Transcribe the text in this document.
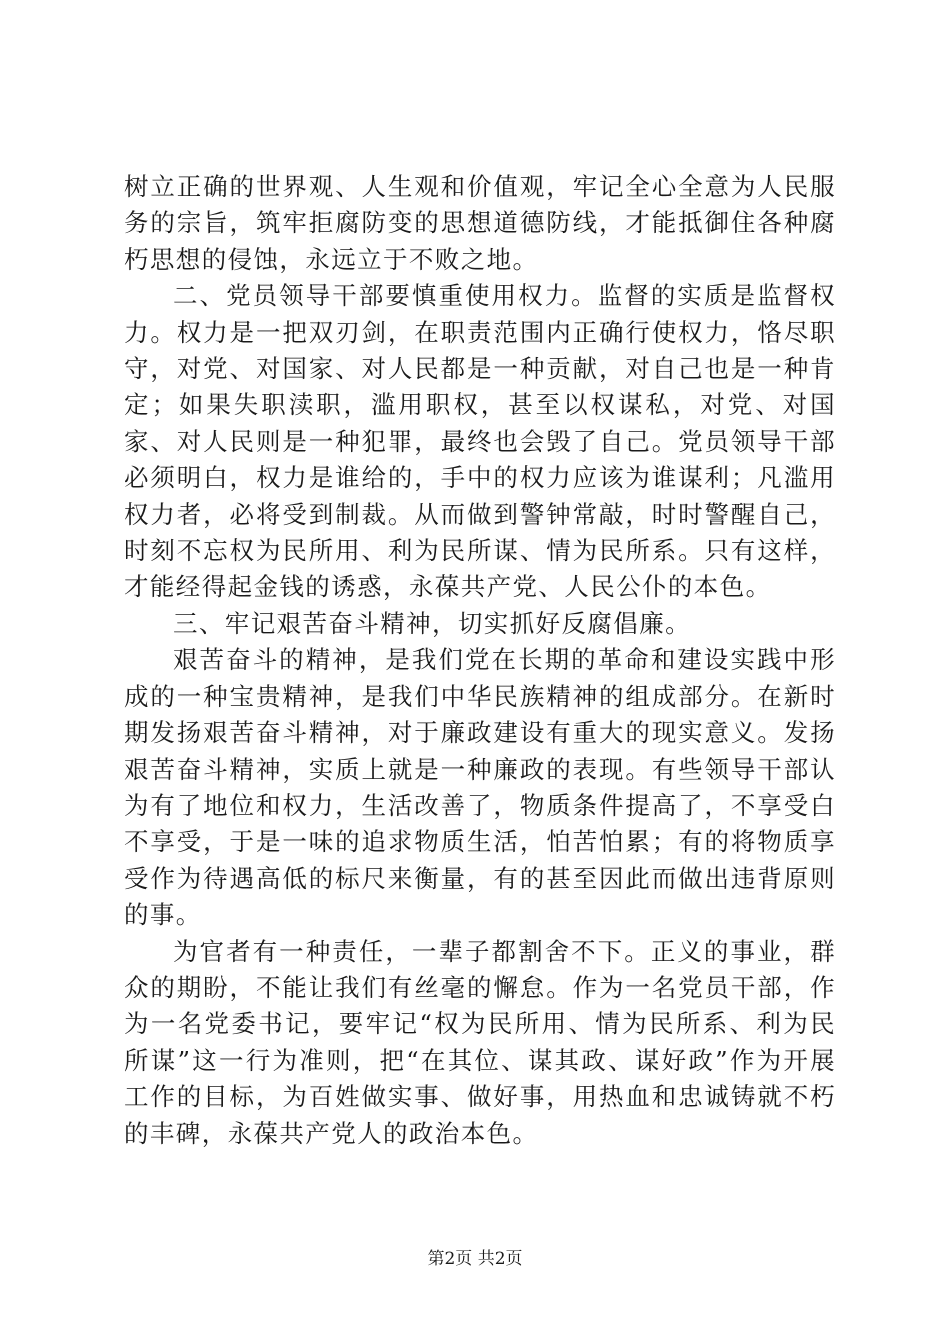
树立正确的世界观、人生观和价值观，牢记全心全意为人民服务的宗旨，筑牢拒腐防变的思想道德防线，才能抵御住各种腐朽思想的侵蚀，永远立于不败之地。

二、党员领导干部要慎重使用权力。监督的实质是监督权力。权力是一把双刃剑，在职责范围内正确行使权力，恪尽职守，对党、对国家、对人民都是一种贡献，对自己也是一种肯定；如果失职渎职，滥用职权，甚至以权谋私，对党、对国家、对人民则是一种犯罪，最终也会毁了自己。党员领导干部必须明白，权力是谁给的，手中的权力应该为谁谋利；凡滥用权力者，必将受到制裁。从而做到警钟常敲，时时警醒自己，时刻不忘权为民所用、利为民所谋、情为民所系。只有这样，才能经得起金钱的诱惑，永葆共产党、人民公仆的本色。

三、牢记艰苦奋斗精神，切实抓好反腐倡廉。

艰苦奋斗的精神，是我们党在长期的革命和建设实践中形成的一种宝贵精神，是我们中华民族精神的组成部分。在新时期发扬艰苦奋斗精神，对于廉政建设有重大的现实意义。发扬艰苦奋斗精神，实质上就是一种廉政的表现。有些领导干部认为有了地位和权力，生活改善了，物质条件提高了，不享受白不享受，于是一味的追求物质生活，怕苦怕累；有的将物质享受作为待遇高低的标尺来衡量，有的甚至因此而做出违背原则的事。

为官者有一种责任，一辈子都割舍不下。正义的事业，群众的期盼，不能让我们有丝毫的懈怠。作为一名党员干部，作为一名党委书记，要牢记“权为民所用、情为民所系、利为民所谋”这一行为准则，把“在其位、谋其政、谋好政”作为开展工作的目标，为百姓做实事、做好事，用热血和忠诚铸就不朽的丰碑，永葆共产党人的政治本色。

第2页 共2页
